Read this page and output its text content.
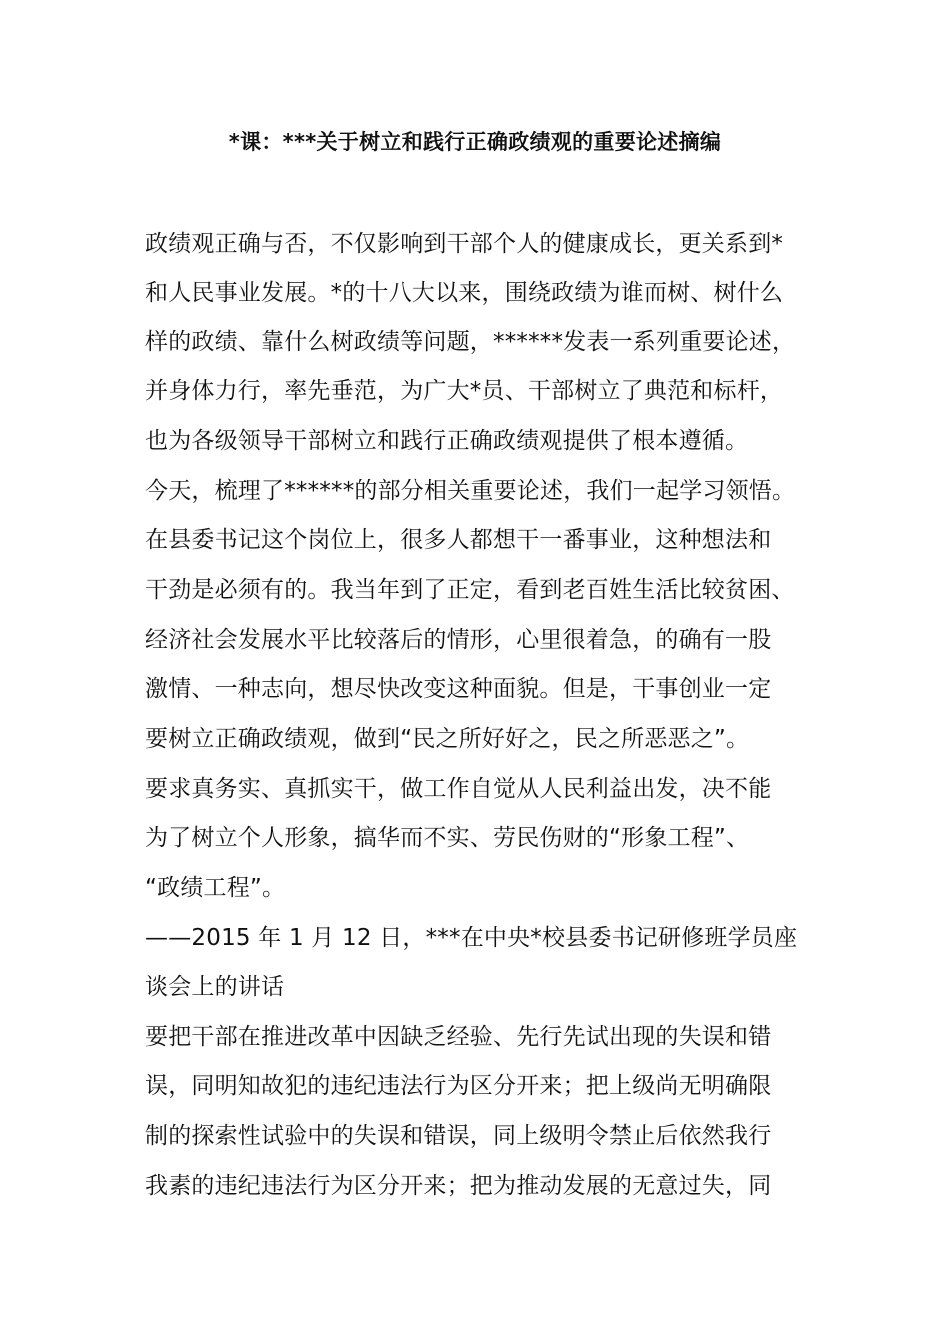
*课：***关于树立和践行正确政绩观的重要论述摘编
政绩观正确与否，不仅影响到干部个人的健康成长，更关系到*
和人民事业发展。*的十八大以来，围绕政绩为谁而树、树什么
样的政绩、靠什么树政绩等问题，******发表一系列重要论述，
并身体力行，率先垂范，为广大*员、干部树立了典范和标杆，
也为各级领导干部树立和践行正确政绩观提供了根本遵循。
今天，梳理了******的部分相关重要论述，我们一起学习领悟。
在县委书记这个岗位上，很多人都想干一番事业，这种想法和
干劲是必须有的。我当年到了正定，看到老百姓生活比较贫困、
经济社会发展水平比较落后的情形，心里很着急，的确有一股
激情、一种志向，想尽快改变这种面貌。但是，干事创业一定
要树立正确政绩观，做到“民之所好好之，民之所恶恶之”。
要求真务实、真抓实干，做工作自觉从人民利益出发，决不能
为了树立个人形象，搞华而不实、劳民伤财的“形象工程”、
“政绩工程”。
——2015 年 1 月 12 日，***在中央*校县委书记研修班学员座
谈会上的讲话
要把干部在推进改革中因缺乏经验、先行先试出现的失误和错
误，同明知故犯的违纪违法行为区分开来；把上级尚无明确限
制的探索性试验中的失误和错误，同上级明令禁止后依然我行
我素的违纪违法行为区分开来；把为推动发展的无意过失，同
